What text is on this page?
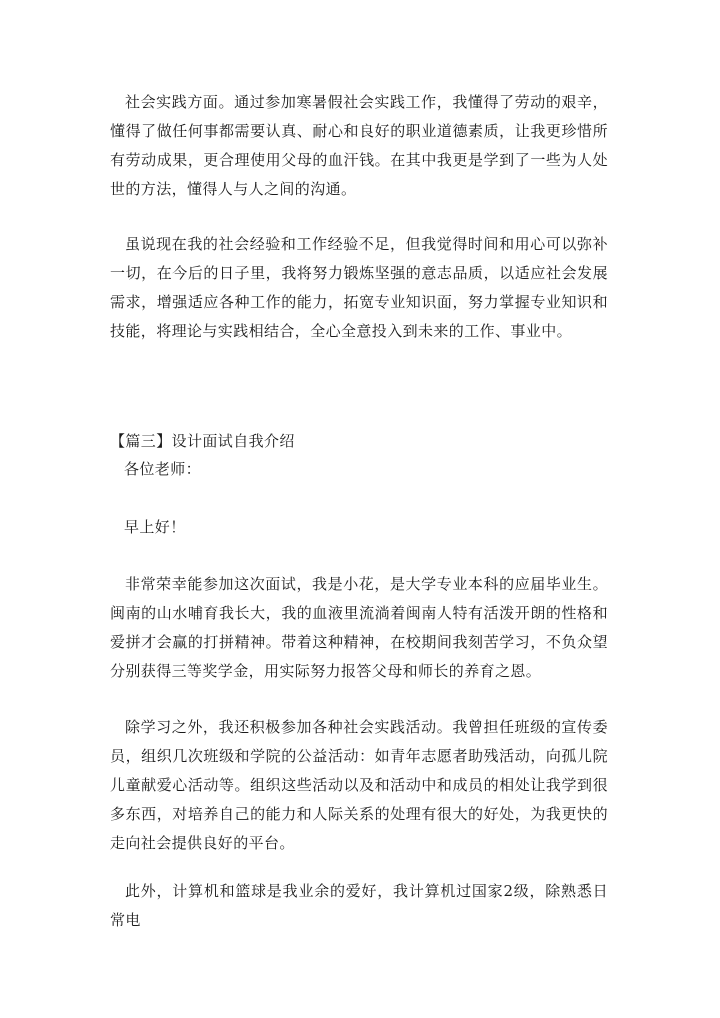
社会实践方面。通过参加寒暑假社会实践工作，我懂得了劳动的艰辛，懂得了做任何事都需要认真、耐心和良好的职业道德素质，让我更珍惜所有劳动成果，更合理使用父母的血汗钱。在其中我更是学到了一些为人处世的方法，懂得人与人之间的沟通。

虽说现在我的社会经验和工作经验不足，但我觉得时间和用心可以弥补一切，在今后的日子里，我将努力锻炼坚强的意志品质，以适应社会发展需求，增强适应各种工作的能力，拓宽专业知识面，努力掌握专业知识和技能，将理论与实践相结合，全心全意投入到未来的工作、事业中。

【篇三】设计面试自我介绍

各位老师：

早上好！

非常荣幸能参加这次面试，我是小花，是大学专业本科的应届毕业生。闽南的山水哺育我长大，我的血液里流淌着闽南人特有活泼开朗的性格和爱拼才会赢的打拼精神。带着这种精神，在校期间我刻苦学习，不负众望分别获得三等奖学金，用实际努力报答父母和师长的养育之恩。

除学习之外，我还积极参加各种社会实践活动。我曾担任班级的宣传委员，组织几次班级和学院的公益活动：如青年志愿者助残活动，向孤儿院儿童献爱心活动等。组织这些活动以及和活动中和成员的相处让我学到很多东西，对培养自己的能力和人际关系的处理有很大的好处，为我更快的走向社会提供良好的平台。

此外，计算机和篮球是我业余的爱好，我计算机过国家2级，除熟悉日常电
